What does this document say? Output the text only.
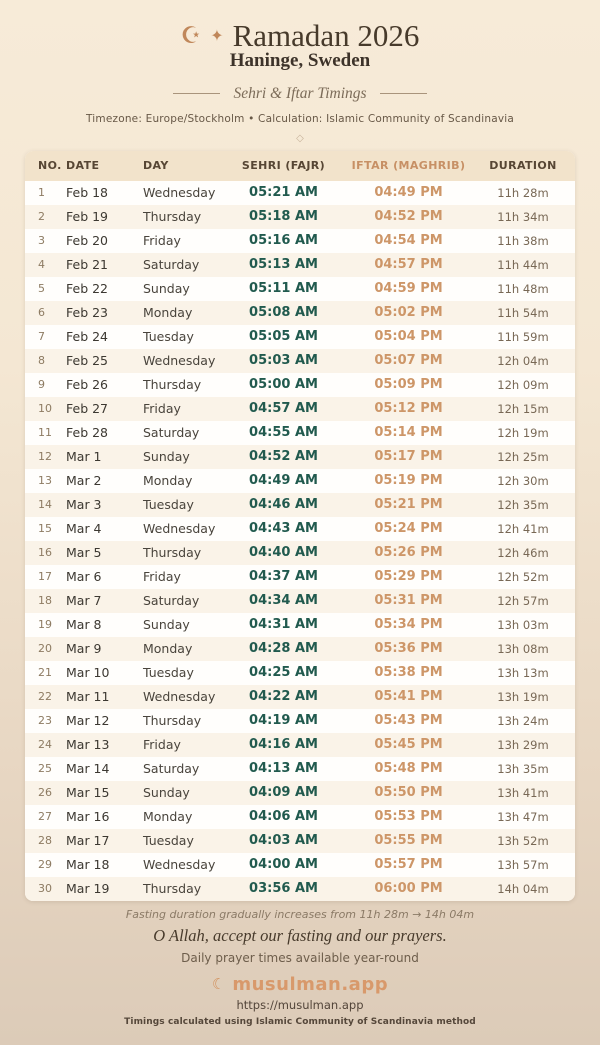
☪ ✦ Ramadan 2026
Haninge, Sweden
Sehri & Iftar Timings
Timezone: Europe/Stockholm • Calculation: Islamic Community of Scandinavia
◇
NO.	DATE	DAY	SEHRI (FAJR)	IFTAR (MAGHRIB)	DURATION
1	Feb 18	Wednesday	05:21 AM	04:49 PM	11h 28m
2	Feb 19	Thursday	05:18 AM	04:52 PM	11h 34m
3	Feb 20	Friday	05:16 AM	04:54 PM	11h 38m
4	Feb 21	Saturday	05:13 AM	04:57 PM	11h 44m
5	Feb 22	Sunday	05:11 AM	04:59 PM	11h 48m
6	Feb 23	Monday	05:08 AM	05:02 PM	11h 54m
7	Feb 24	Tuesday	05:05 AM	05:04 PM	11h 59m
8	Feb 25	Wednesday	05:03 AM	05:07 PM	12h 04m
9	Feb 26	Thursday	05:00 AM	05:09 PM	12h 09m
10	Feb 27	Friday	04:57 AM	05:12 PM	12h 15m
11	Feb 28	Saturday	04:55 AM	05:14 PM	12h 19m
12	Mar 1	Sunday	04:52 AM	05:17 PM	12h 25m
13	Mar 2	Monday	04:49 AM	05:19 PM	12h 30m
14	Mar 3	Tuesday	04:46 AM	05:21 PM	12h 35m
15	Mar 4	Wednesday	04:43 AM	05:24 PM	12h 41m
16	Mar 5	Thursday	04:40 AM	05:26 PM	12h 46m
17	Mar 6	Friday	04:37 AM	05:29 PM	12h 52m
18	Mar 7	Saturday	04:34 AM	05:31 PM	12h 57m
19	Mar 8	Sunday	04:31 AM	05:34 PM	13h 03m
20	Mar 9	Monday	04:28 AM	05:36 PM	13h 08m
21	Mar 10	Tuesday	04:25 AM	05:38 PM	13h 13m
22	Mar 11	Wednesday	04:22 AM	05:41 PM	13h 19m
23	Mar 12	Thursday	04:19 AM	05:43 PM	13h 24m
24	Mar 13	Friday	04:16 AM	05:45 PM	13h 29m
25	Mar 14	Saturday	04:13 AM	05:48 PM	13h 35m
26	Mar 15	Sunday	04:09 AM	05:50 PM	13h 41m
27	Mar 16	Monday	04:06 AM	05:53 PM	13h 47m
28	Mar 17	Tuesday	04:03 AM	05:55 PM	13h 52m
29	Mar 18	Wednesday	04:00 AM	05:57 PM	13h 57m
30	Mar 19	Thursday	03:56 AM	06:00 PM	14h 04m
Fasting duration gradually increases from 11h 28m → 14h 04m
O Allah, accept our fasting and our prayers.
Daily prayer times available year-round
☾ musulman.app
https://musulman.app
Timings calculated using Islamic Community of Scandinavia method
